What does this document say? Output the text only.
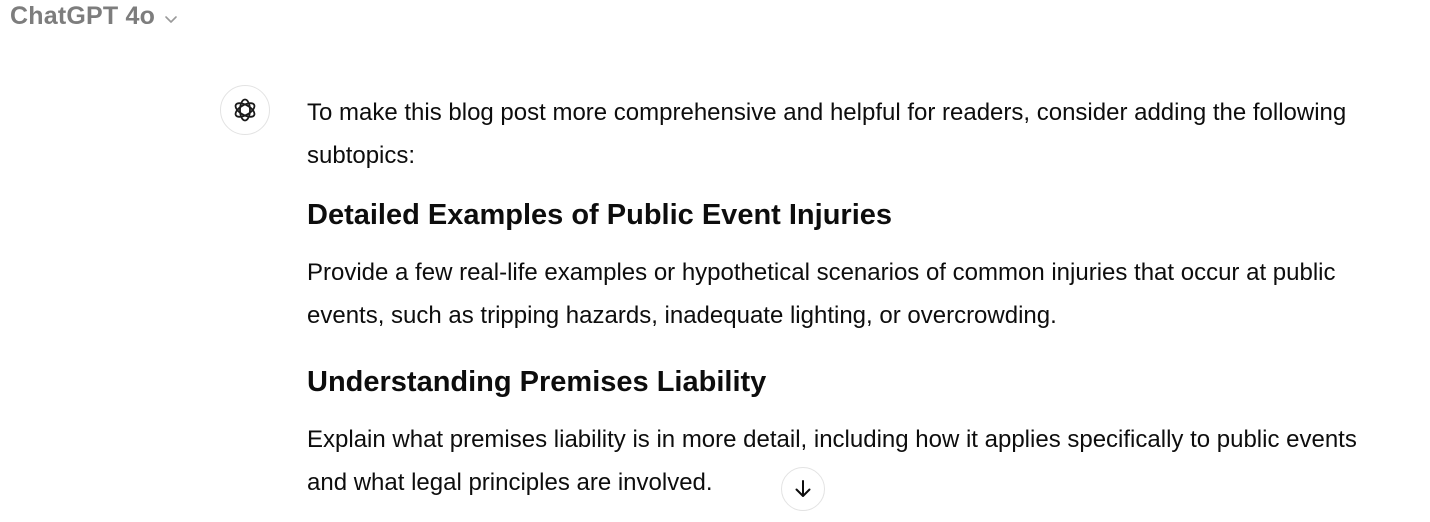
ChatGPT 4o

To make this blog post more comprehensive and helpful for readers, consider adding the following subtopics:

Detailed Examples of Public Event Injuries

Provide a few real-life examples or hypothetical scenarios of common injuries that occur at public events, such as tripping hazards, inadequate lighting, or overcrowding.

Understanding Premises Liability

Explain what premises liability is in more detail, including how it applies specifically to public events and what legal principles are involved.
